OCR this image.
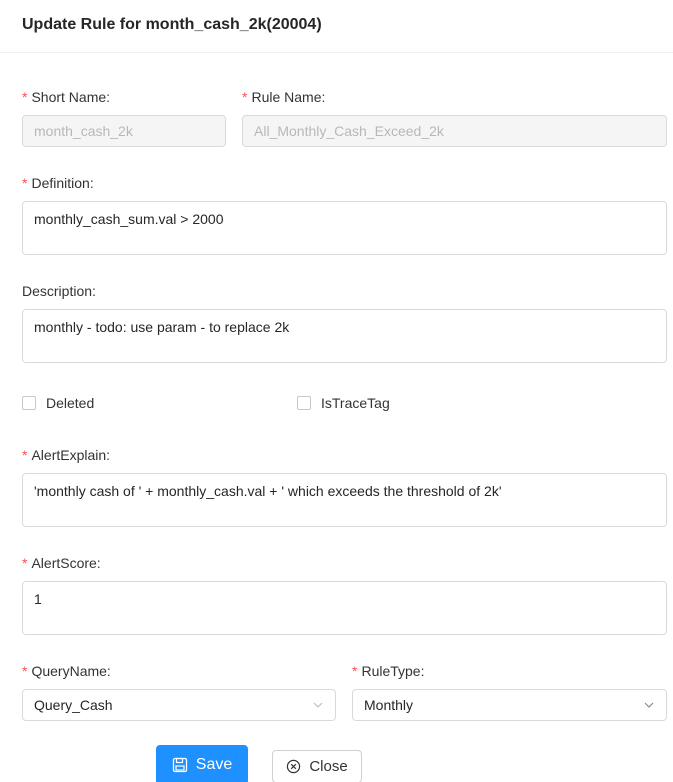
Update Rule for month_cash_2k(20004)
* Short Name:
month_cash_2k
* Rule Name:
All_Monthly_Cash_Exceed_2k
* Definition:
monthly_cash_sum.val > 2000
Description:
monthly - todo: use param - to replace 2k
Deleted	IsTraceTag
* AlertExplain:
'monthly cash of ' + monthly_cash.val + ' which exceeds the threshold of 2k'
* AlertScore:
1
* QueryName:
Query_Cash
* RuleType:
Monthly
Save	Close
